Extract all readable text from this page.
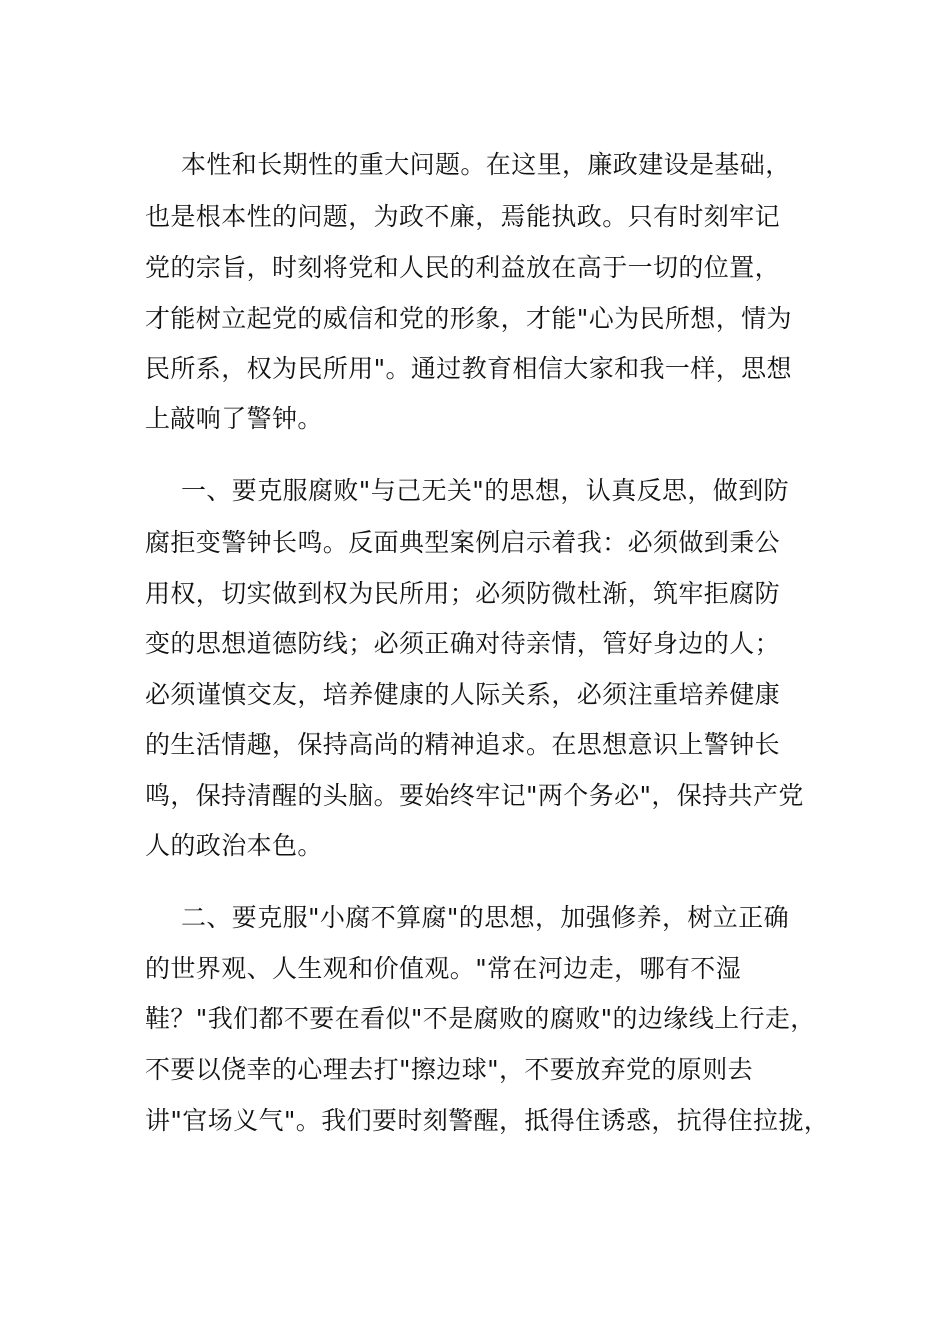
本性和长期性的重大问题。在这里，廉政建设是基础，
也是根本性的问题，为政不廉，焉能执政。只有时刻牢记
党的宗旨，时刻将党和人民的利益放在高于一切的位置，
才能树立起党的威信和党的形象，才能"心为民所想，情为
民所系，权为民所用"。通过教育相信大家和我一样，思想
上敲响了警钟。
一、要克服腐败"与己无关"的思想，认真反思，做到防
腐拒变警钟长鸣。反面典型案例启示着我：必须做到秉公
用权，切实做到权为民所用；必须防微杜渐，筑牢拒腐防
变的思想道德防线；必须正确对待亲情，管好身边的人；
必须谨慎交友，培养健康的人际关系，必须注重培养健康
的生活情趣，保持高尚的精神追求。在思想意识上警钟长
鸣，保持清醒的头脑。要始终牢记"两个务必"，保持共产党
人的政治本色。
二、要克服"小腐不算腐"的思想，加强修养，树立正确
的世界观、人生观和价值观。"常在河边走，哪有不湿
鞋？"我们都不要在看似"不是腐败的腐败"的边缘线上行走，
不要以侥幸的心理去打"擦边球"，不要放弃党的原则去
讲"官场义气"。我们要时刻警醒，抵得住诱惑，抗得住拉拢，
